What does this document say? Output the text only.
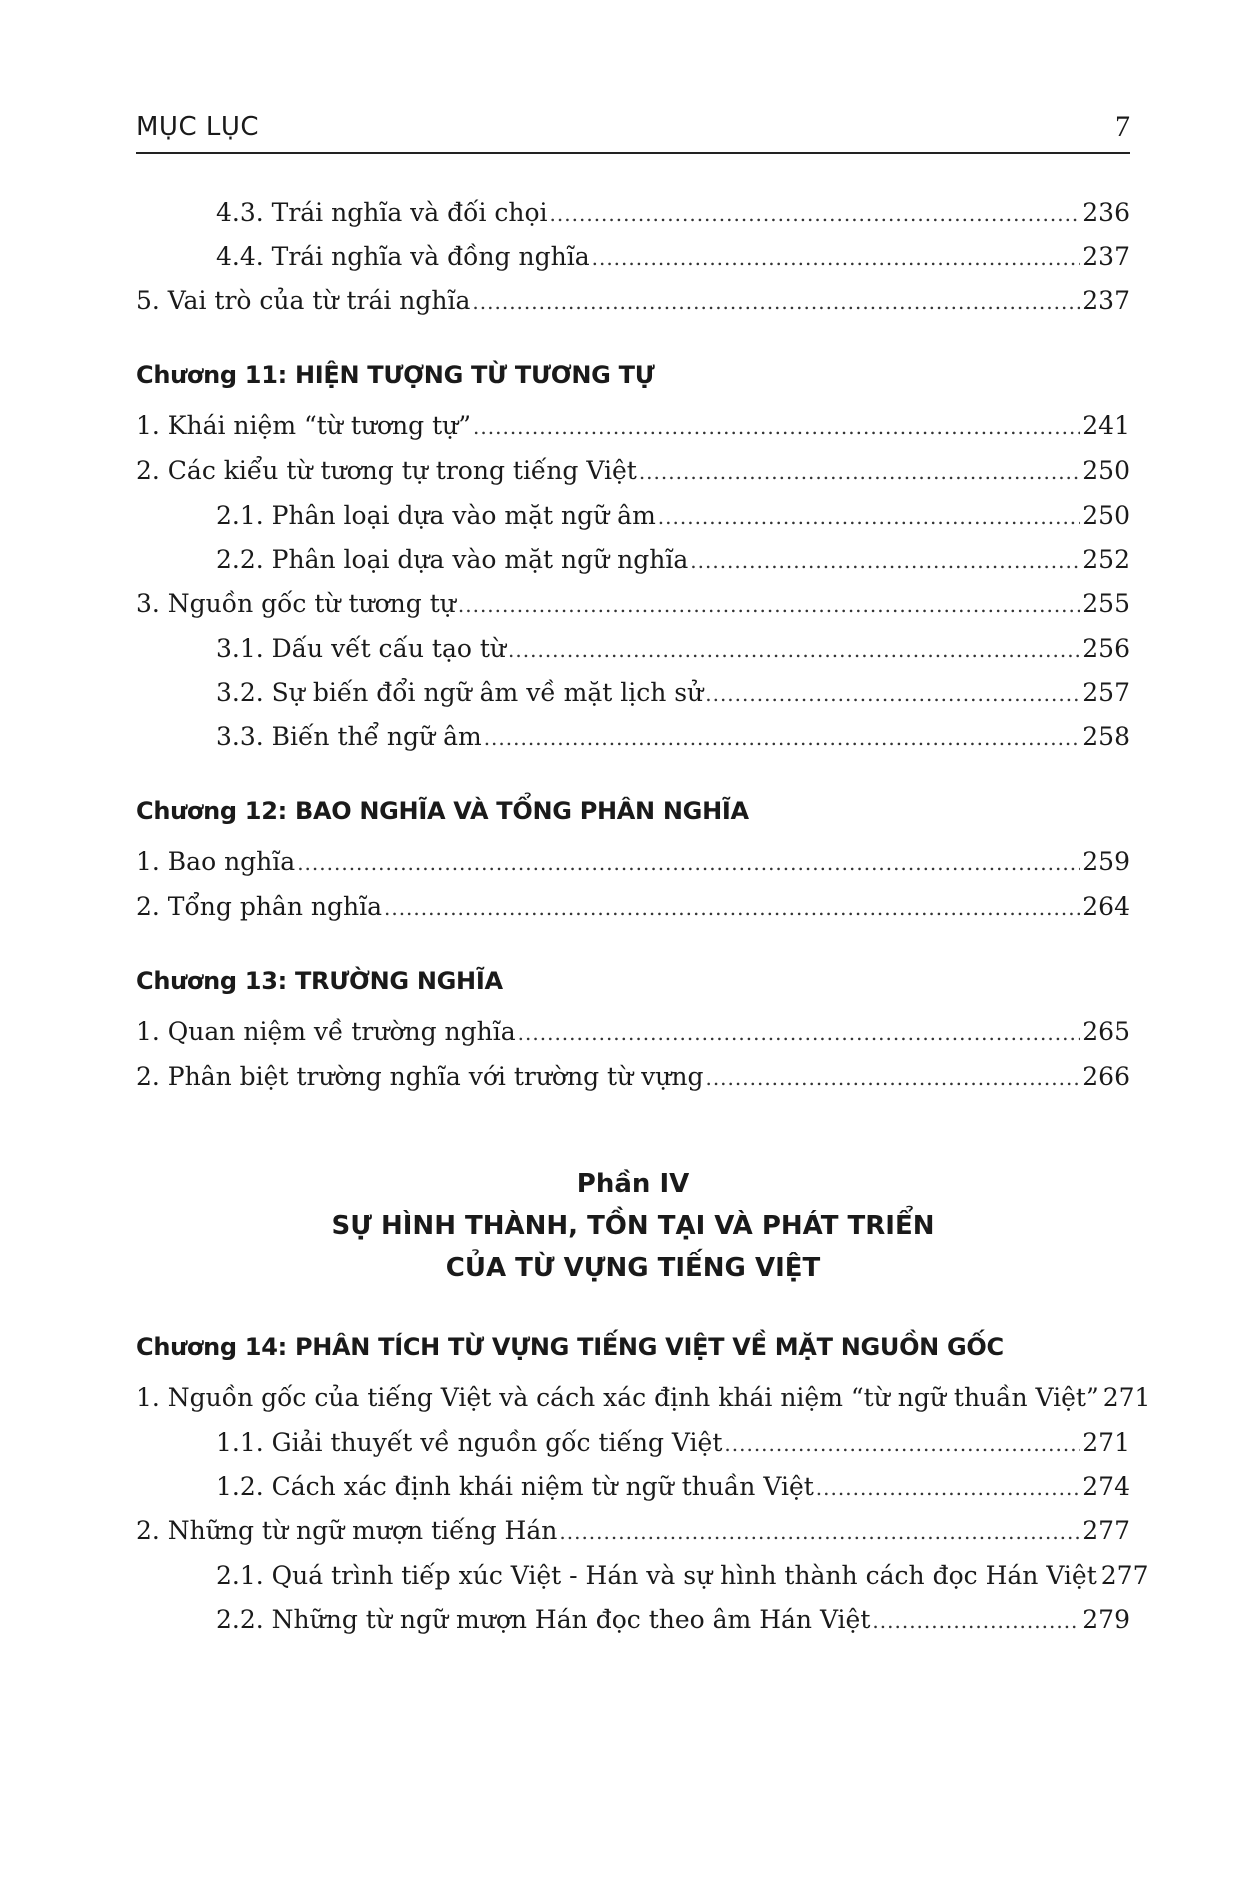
MỤC LỤC	7
4.3. Trái nghĩa và đối chọi .....	236
4.4. Trái nghĩa và đồng nghĩa .....	237
5. Vai trò của từ trái nghĩa .....	237
Chương 11: HIỆN TƯỢNG TỪ TƯƠNG TỰ
1. Khái niệm “từ tương tự” .....	241
2. Các kiểu từ tương tự trong tiếng Việt .....	250
2.1. Phân loại dựa vào mặt ngữ âm .....	250
2.2. Phân loại dựa vào mặt ngữ nghĩa .....	252
3. Nguồn gốc từ tương tự .....	255
3.1. Dấu vết cấu tạo từ .....	256
3.2. Sự biến đổi ngữ âm về mặt lịch sử .....	257
3.3. Biến thể ngữ âm .....	258
Chương 12: BAO NGHĨA VÀ TỔNG PHÂN NGHĨA
1. Bao nghĩa .....	259
2. Tổng phân nghĩa .....	264
Chương 13: TRƯỜNG NGHĨA
1. Quan niệm về trường nghĩa .....	265
2. Phân biệt trường nghĩa với trường từ vựng .....	266
Phần IV
SỰ HÌNH THÀNH, TỒN TẠI VÀ PHÁT TRIỂN
CỦA TỪ VỰNG TIẾNG VIỆT
Chương 14: PHÂN TÍCH TỪ VỰNG TIẾNG VIỆT VỀ MẶT NGUỒN GỐC
1. Nguồn gốc của tiếng Việt và cách xác định khái niệm “từ ngữ thuần Việt” 271
1.1. Giải thuyết về nguồn gốc tiếng Việt .....	271
1.2. Cách xác định khái niệm từ ngữ thuần Việt .....	274
2. Những từ ngữ mượn tiếng Hán .....	277
2.1. Quá trình tiếp xúc Việt - Hán và sự hình thành cách đọc Hán Việt 277
2.2. Những từ ngữ mượn Hán đọc theo âm Hán Việt .....	279
